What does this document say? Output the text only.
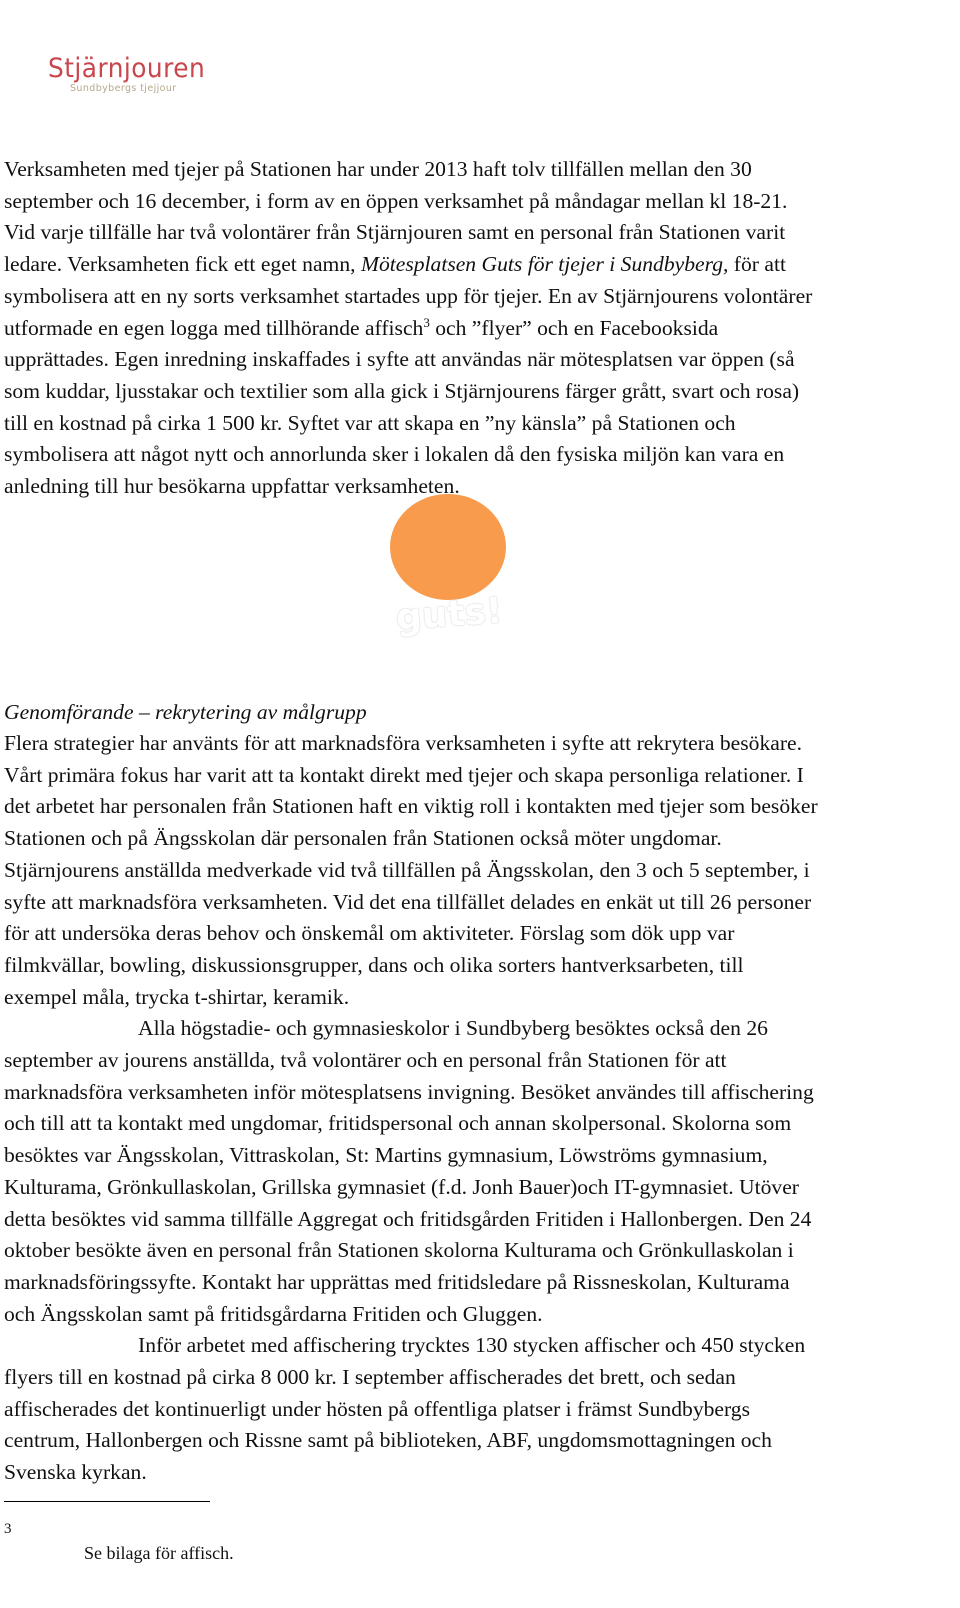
Stjärnjouren
Sundbybergs tjejjour
Verksamheten med tjejer på Stationen har under 2013 haft tolv tillfällen mellan den 30
september och 16 december, i form av en öppen verksamhet på måndagar mellan kl 18-21.
Vid varje tillfälle har två volontärer från Stjärnjouren samt en personal från Stationen varit
ledare. Verksamheten fick ett eget namn, Mötesplatsen Guts för tjejer i Sundbyberg, för att
symbolisera att en ny sorts verksamhet startades upp för tjejer. En av Stjärnjourens volontärer
utformade en egen logga med tillhörande affisch$^3$ och ”flyer” och en Facebooksida
upprättades. Egen inredning inskaffades i syfte att användas när mötesplatsen var öppen (så
som kuddar, ljusstakar och textilier som alla gick i Stjärnjourens färger grått, svart och rosa)
till en kostnad på cirka 1 500 kr. Syftet var att skapa en ”ny känsla” på Stationen och
symbolisera att något nytt och annorlunda sker i lokalen då den fysiska miljön kan vara en
anledning till hur besökarna uppfattar verksamheten.
guts!
Genomförande – rekrytering av målgrupp
Flera strategier har använts för att marknadsföra verksamheten i syfte att rekrytera besökare.
Vårt primära fokus har varit att ta kontakt direkt med tjejer och skapa personliga relationer. I
det arbetet har personalen från Stationen haft en viktig roll i kontakten med tjejer som besöker
Stationen och på Ängsskolan där personalen från Stationen också möter ungdomar.
Stjärnjourens anställda medverkade vid två tillfällen på Ängsskolan, den 3 och 5 september, i
syfte att marknadsföra verksamheten. Vid det ena tillfället delades en enkät ut till 26 personer
för att undersöka deras behov och önskemål om aktiviteter. Förslag som dök upp var
filmkvällar, bowling, diskussionsgrupper, dans och olika sorters hantverksarbeten, till
exempel måla, trycka t-shirtar, keramik.
Alla högstadie- och gymnasieskolor i Sundbyberg besöktes också den 26
september av jourens anställda, två volontärer och en personal från Stationen för att
marknadsföra verksamheten inför mötesplatsens invigning. Besöket användes till affischering
och till att ta kontakt med ungdomar, fritidspersonal och annan skolpersonal. Skolorna som
besöktes var Ängsskolan, Vittraskolan, St: Martins gymnasium, Löwströms gymnasium,
Kulturama, Grönkullaskolan, Grillska gymnasiet (f.d. Jonh Bauer)och IT-gymnasiet. Utöver
detta besöktes vid samma tillfälle Aggregat och fritidsgården Fritiden i Hallonbergen. Den 24
oktober besökte även en personal från Stationen skolorna Kulturama och Grönkullaskolan i
marknadsföringssyfte. Kontakt har upprättas med fritidsledare på Rissneskolan, Kulturama
och Ängsskolan samt på fritidsgårdarna Fritiden och Gluggen.
Inför arbetet med affischering trycktes 130 stycken affischer och 450 stycken
flyers till en kostnad på cirka 8 000 kr. I september affischerades det brett, och sedan
affischerades det kontinuerligt under hösten på offentliga platser i främst Sundbybergs
centrum, Hallonbergen och Rissne samt på biblioteken, ABF, ungdomsmottagningen och
Svenska kyrkan.
3
Se bilaga för affisch.
